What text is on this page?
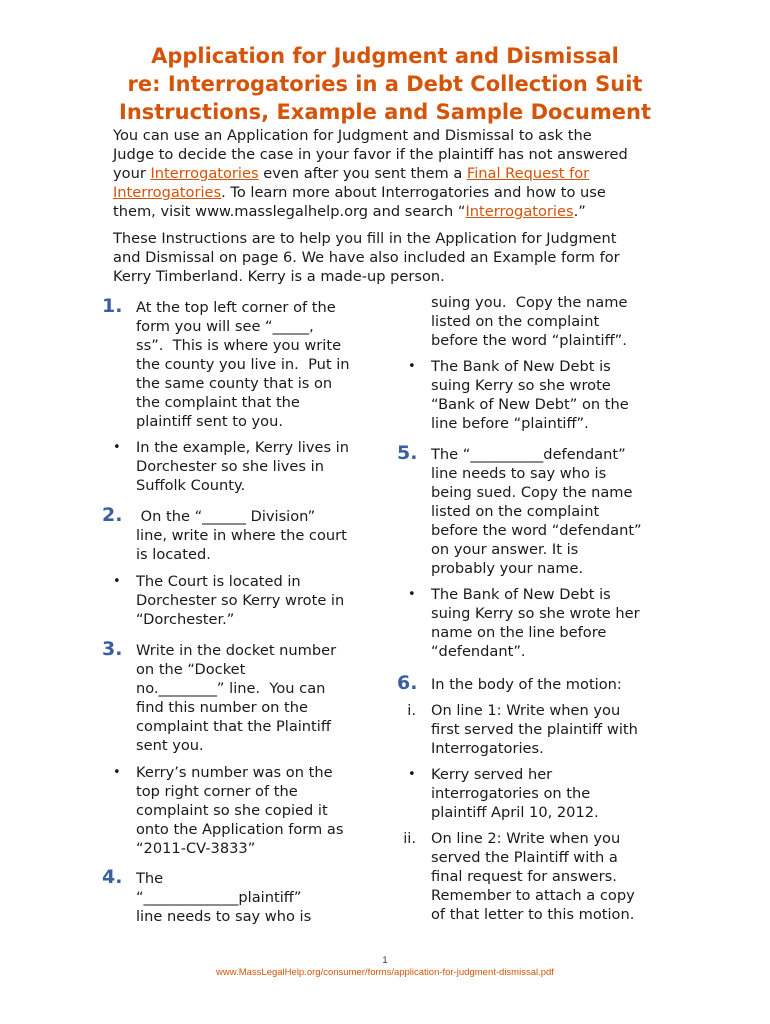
Application for Judgment and Dismissal
re: Interrogatories in a Debt Collection Suit
Instructions, Example and Sample Document
You can use an Application for Judgment and Dismissal to ask the
Judge to decide the case in your favor if the plaintiff has not answered
your Interrogatories even after you sent them a Final Request for
Interrogatories. To learn more about Interrogatories and how to use
them, visit www.masslegalhelp.org and search “Interrogatories.”
These Instructions are to help you fill in the Application for Judgment
and Dismissal on page 6. We have also included an Example form for
Kerry Timberland. Kerry is a made-up person.
1. At the top left corner of the
form you will see “_____,
ss”.  This is where you write
the county you live in.  Put in
the same county that is on
the complaint that the
plaintiff sent to you.
• In the example, Kerry lives in
Dorchester so she lives in
Suffolk County.
2. On the “______ Division”
line, write in where the court
is located.
• The Court is located in
Dorchester so Kerry wrote in
“Dorchester.”
3. Write in the docket number
on the “Docket
no.________” line.  You can
find this number on the
complaint that the Plaintiff
sent you.
• Kerry’s number was on the
top right corner of the
complaint so she copied it
onto the Application form as
“2011-CV-3833”
4. The
“_____________plaintiff”
line needs to say who is
suing you.  Copy the name
listed on the complaint
before the word “plaintiff”.
• The Bank of New Debt is
suing Kerry so she wrote
“Bank of New Debt” on the
line before “plaintiff”.
5. The “__________defendant”
line needs to say who is
being sued. Copy the name
listed on the complaint
before the word “defendant”
on your answer. It is
probably your name.
• The Bank of New Debt is
suing Kerry so she wrote her
name on the line before
“defendant”.
6. In the body of the motion:
i. On line 1: Write when you
first served the plaintiff with
Interrogatories.
• Kerry served her
interrogatories on the
plaintiff April 10, 2012.
ii. On line 2: Write when you
served the Plaintiff with a
final request for answers.
Remember to attach a copy
of that letter to this motion.
1
www.MassLegalHelp.org/consumer/forms/application-for-judgment-dismissal.pdf
